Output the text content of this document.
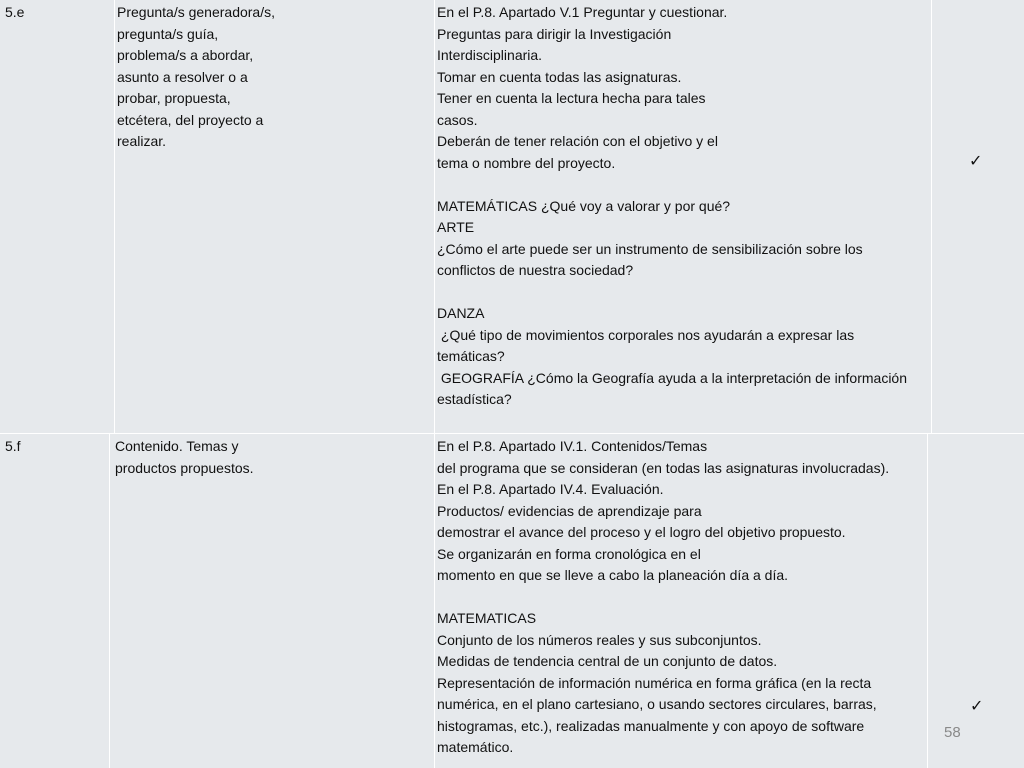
5.e	Pregunta/s generadora/s,
pregunta/s guía,
problema/s a abordar,
asunto a resolver o a
probar, propuesta,
etcétera, del proyecto a
realizar.
En el P.8. Apartado V.1 Preguntar y cuestionar.
Preguntas para dirigir la Investigación
Interdisciplinaria.
Tomar en cuenta todas las asignaturas.
Tener en cuenta la lectura hecha para tales
casos.
Deberán de tener relación con el objetivo y el
tema o nombre del proyecto.

MATEMÁTICAS ¿Qué voy a valorar y por qué?
ARTE
¿Cómo el arte puede ser un instrumento de sensibilización sobre los
conflictos de nuestra sociedad?

DANZA
¿Qué tipo de movimientos corporales nos ayudarán a expresar las
temáticas?
GEOGRAFÍA ¿Cómo la Geografía ayuda a la interpretación de información
estadística?
✓
5.f	Contenido. Temas y
productos propuestos.
En el P.8. Apartado IV.1. Contenidos/Temas
del programa que se consideran (en todas las asignaturas involucradas).
En el P.8. Apartado IV.4. Evaluación.
Productos/ evidencias de aprendizaje para
demostrar el avance del proceso y el logro del objetivo propuesto.
Se organizarán en forma cronológica en el
momento en que se lleve a cabo la planeación día a día.

MATEMATICAS
Conjunto de los números reales y sus subconjuntos.
Medidas de tendencia central de un conjunto de datos.
Representación de información numérica en forma gráfica (en la recta
numérica, en el plano cartesiano, o usando sectores circulares, barras,
histogramas, etc.), realizadas manualmente y con apoyo de software
matemático.
✓
58
